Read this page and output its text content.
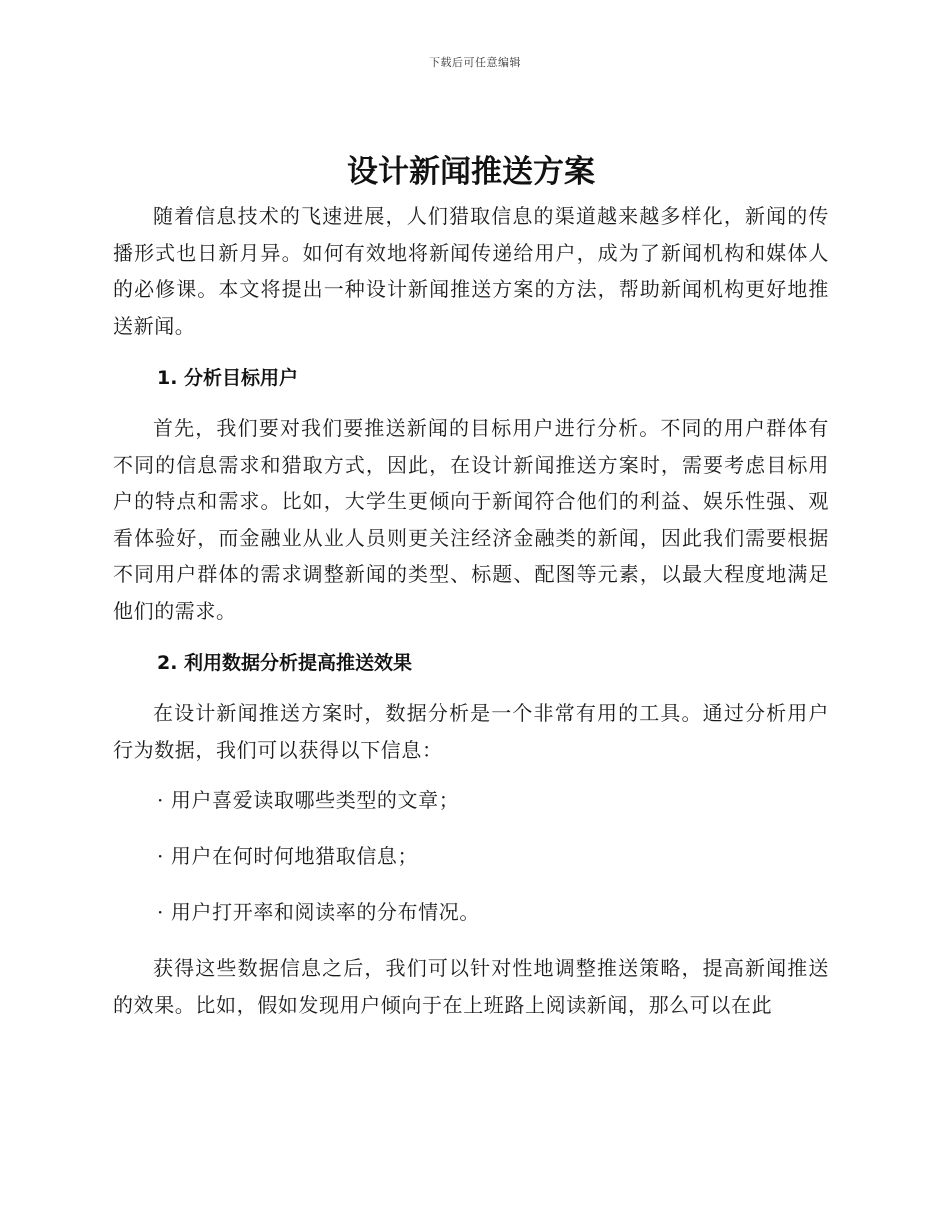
下载后可任意编辑
设计新闻推送方案

随着信息技术的飞速进展，人们猎取信息的渠道越来越多样化，新闻的传播形式也日新月异。如何有效地将新闻传递给用户，成为了新闻机构和媒体人的必修课。本文将提出一种设计新闻推送方案的方法，帮助新闻机构更好地推送新闻。

1. 分析目标用户

首先，我们要对我们要推送新闻的目标用户进行分析。不同的用户群体有不同的信息需求和猎取方式，因此，在设计新闻推送方案时，需要考虑目标用户的特点和需求。比如，大学生更倾向于新闻符合他们的利益、娱乐性强、观看体验好，而金融业从业人员则更关注经济金融类的新闻，因此我们需要根据不同用户群体的需求调整新闻的类型、标题、配图等元素，以最大程度地满足他们的需求。

2. 利用数据分析提高推送效果

在设计新闻推送方案时，数据分析是一个非常有用的工具。通过分析用户行为数据，我们可以获得以下信息：

· 用户喜爱读取哪些类型的文章；
· 用户在何时何地猎取信息；
· 用户打开率和阅读率的分布情况。

获得这些数据信息之后，我们可以针对性地调整推送策略，提高新闻推送的效果。比如，假如发现用户倾向于在上班路上阅读新闻，那么可以在此
